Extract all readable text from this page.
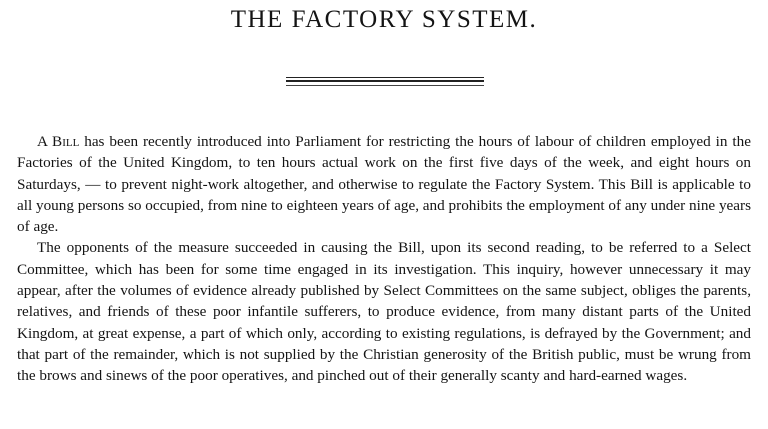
THE FACTORY SYSTEM.

A Bill has been recently introduced into Parliament for restricting the hours of labour of children employed in the Factories of the United Kingdom, to ten hours actual work on the first five days of the week, and eight hours on Saturdays, — to prevent night-work altogether, and otherwise to regulate the Factory System. This Bill is applicable to all young persons so occupied, from nine to eighteen years of age, and prohibits the employment of any under nine years of age.

The opponents of the measure succeeded in causing the Bill, upon its second reading, to be referred to a Select Committee, which has been for some time engaged in its investigation. This inquiry, however unnecessary it may appear, after the volumes of evidence already published by Select Committees on the same subject, obliges the parents, relatives, and friends of these poor infantile sufferers, to produce evidence, from many distant parts of the United Kingdom, at great expense, a part of which only, according to existing regulations, is defrayed by the Government; and that part of the remainder, which is not supplied by the Christian generosity of the British public, must be wrung from the brows and sinews of the poor operatives, and pinched out of their generally scanty and hard-earned wages.
